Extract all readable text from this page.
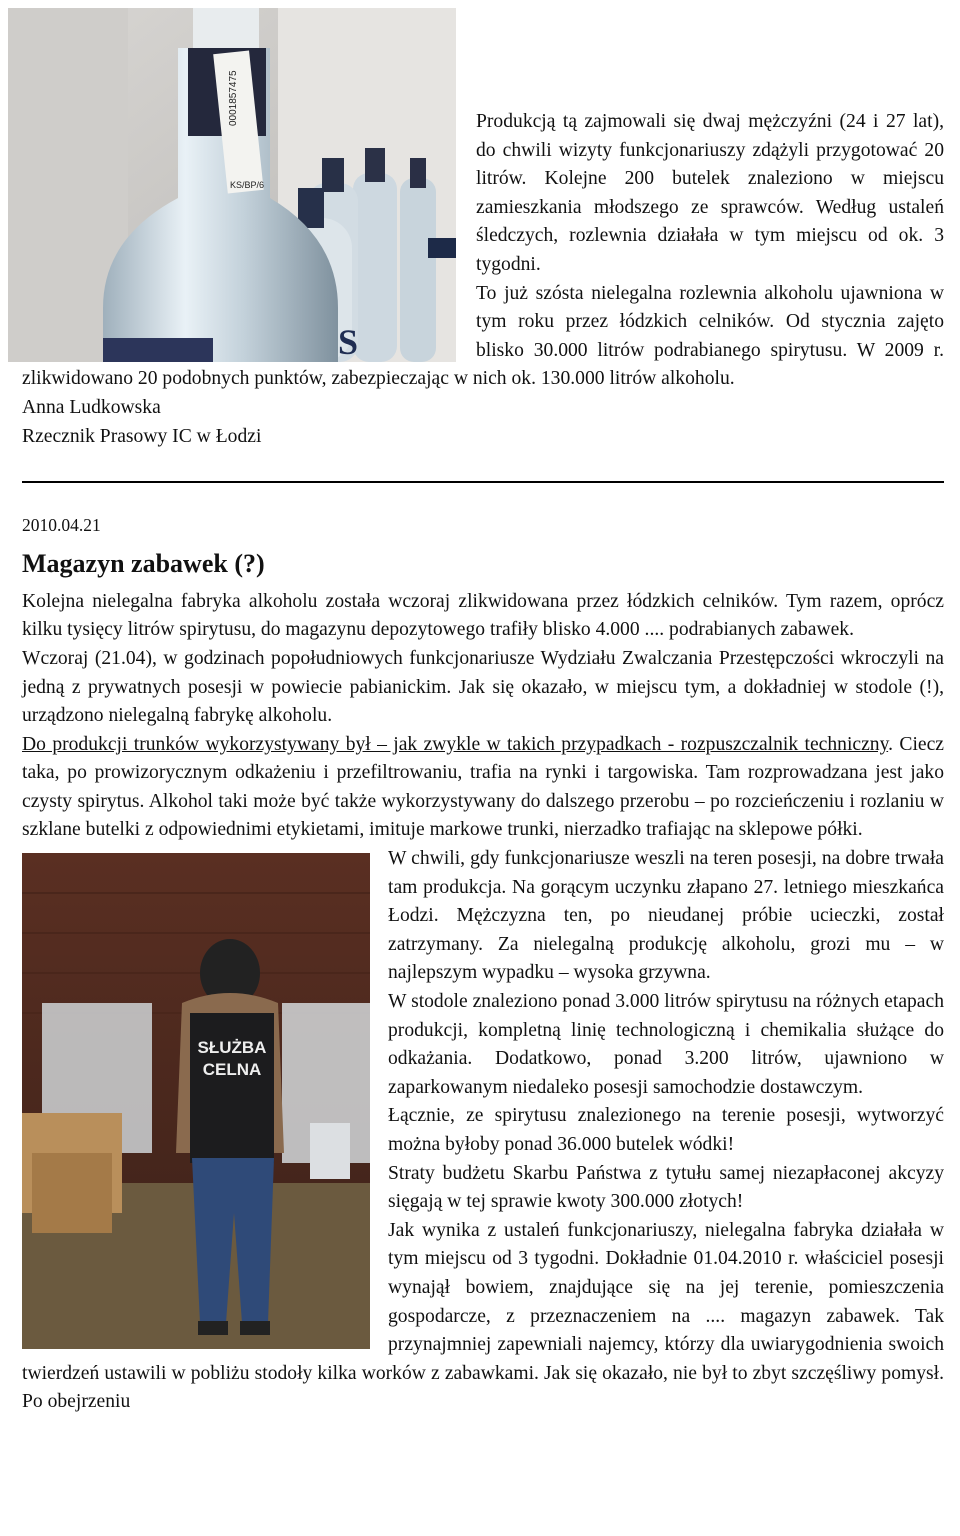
0001857475
KS/BP/6
S

Produkcją tą zajmowali się dwaj mężczyźni (24 i 27 lat), do chwili wizyty funkcjonariuszy zdążyli przygotować 20 litrów. Kolejne 200 butelek znaleziono w miejscu zamieszkania młodszego ze sprawców. Według ustaleń śledczych, rozlewnia działała w tym miejscu od ok. 3 tygodni.

To już szósta nielegalna rozlewnia alkoholu ujawniona w tym roku przez łódzkich celników. Od stycznia zajęto blisko 30.000 litrów podrabianego spirytusu. W 2009 r. zlikwidowano 20 podobnych punktów, zabezpieczając w nich ok. 130.000 litrów alkoholu.

Anna Ludkowska

Rzecznik Prasowy IC w Łodzi

2010.04.21

Magazyn zabawek (?)

Kolejna nielegalna fabryka alkoholu została wczoraj zlikwidowana przez łódzkich celników. Tym razem, oprócz kilku tysięcy litrów spirytusu, do magazynu depozytowego trafiły blisko 4.000 .... podrabianych zabawek.

Wczoraj (21.04), w godzinach popołudniowych funkcjonariusze Wydziału Zwalczania Przestępczości wkroczyli na jedną z prywatnych posesji w powiecie pabianickim. Jak się okazało, w miejscu tym, a dokładniej w stodole (!), urządzono nielegalną fabrykę alkoholu.

Do produkcji trunków wykorzystywany był – jak zwykle w takich przypadkach - rozpuszczalnik techniczny. Ciecz taka, po prowizorycznym odkażeniu i przefiltrowaniu, trafia na rynki i targowiska. Tam rozprowadzana jest jako czysty spirytus. Alkohol taki może być także wykorzystywany do dalszego przerobu – po rozcieńczeniu i rozlaniu w szklane butelki z odpowiednimi etykietami, imituje markowe trunki, nierzadko trafiając na sklepowe półki.

SŁUŻBA
CELNA

W chwili, gdy funkcjonariusze weszli na teren posesji, na dobre trwała tam produkcja. Na gorącym uczynku złapano 27. letniego mieszkańca Łodzi. Mężczyzna ten, po nieudanej próbie ucieczki, został zatrzymany. Za nielegalną produkcję alkoholu, grozi mu – w najlepszym wypadku – wysoka grzywna.

W stodole znaleziono ponad 3.000 litrów spirytusu na różnych etapach produkcji, kompletną linię technologiczną i chemikalia służące do odkażania. Dodatkowo, ponad 3.200 litrów, ujawniono w zaparkowanym niedaleko posesji samochodzie dostawczym.

Łącznie, ze spirytusu znalezionego na terenie posesji, wytworzyć można byłoby ponad 36.000 butelek wódki!

Straty budżetu Skarbu Państwa z tytułu samej niezapłaconej akcyzy sięgają w tej sprawie kwoty 300.000 złotych!

Jak wynika z ustaleń funkcjonariuszy, nielegalna fabryka działała w tym miejscu od 3 tygodni. Dokładnie 01.04.2010 r. właściciel posesji wynajął bowiem, znajdujące się na jej terenie, pomieszczenia gospodarcze, z przeznaczeniem na .... magazyn zabawek. Tak przynajmniej zapewniali najemcy, którzy dla uwiarygodnienia swoich twierdzeń ustawili w pobliżu stodoły kilka worków z zabawkami. Jak się okazało, nie był to zbyt szczęśliwy pomysł. Po obejrzeniu
